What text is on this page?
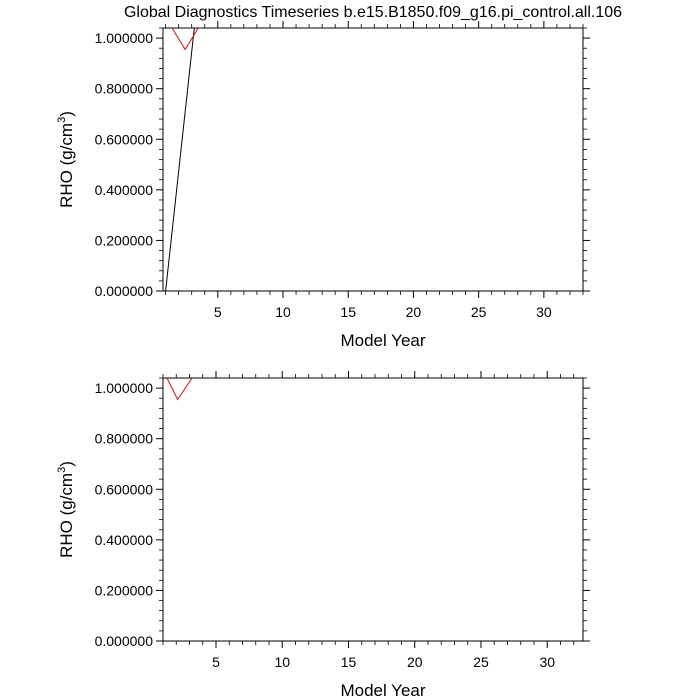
Global Diagnostics Timeseries b.e15.B1850.f09_g16.pi_control.all.106
5	10	15	20	25	30
0.000000
0.200000
0.400000
0.600000
0.800000
1.000000
Model Year
RHO $(g/cm^3)$
5	10	15	20	25	30
0.000000
0.200000
0.400000
0.600000
0.800000
1.000000
Model Year
RHO $(g/cm^3)$
